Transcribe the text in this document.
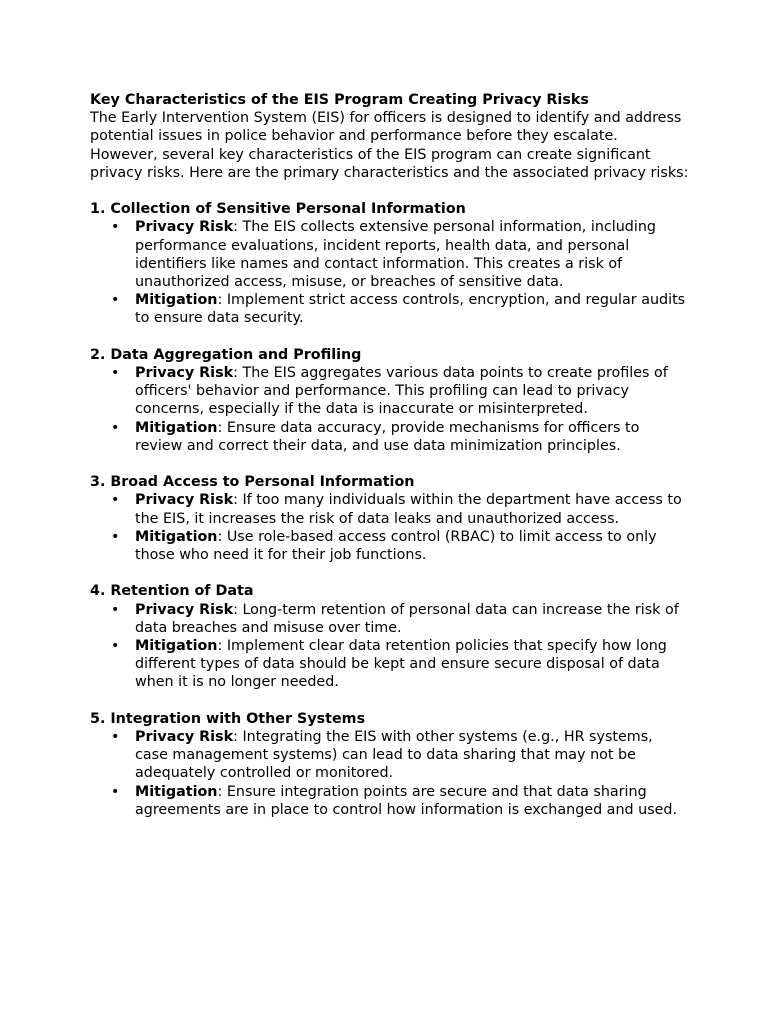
Key Characteristics of the EIS Program Creating Privacy Risks

The Early Intervention System (EIS) for officers is designed to identify and address potential issues in police behavior and performance before they escalate. However, several key characteristics of the EIS program can create significant privacy risks. Here are the primary characteristics and the associated privacy risks:

1. Collection of Sensitive Personal Information

• Privacy Risk: The EIS collects extensive personal information, including performance evaluations, incident reports, health data, and personal identifiers like names and contact information. This creates a risk of unauthorized access, misuse, or breaches of sensitive data.
• Mitigation: Implement strict access controls, encryption, and regular audits to ensure data security.

2. Data Aggregation and Profiling

• Privacy Risk: The EIS aggregates various data points to create profiles of officers' behavior and performance. This profiling can lead to privacy concerns, especially if the data is inaccurate or misinterpreted.
• Mitigation: Ensure data accuracy, provide mechanisms for officers to review and correct their data, and use data minimization principles.

3. Broad Access to Personal Information

• Privacy Risk: If too many individuals within the department have access to the EIS, it increases the risk of data leaks and unauthorized access.
• Mitigation: Use role-based access control (RBAC) to limit access to only those who need it for their job functions.

4. Retention of Data

• Privacy Risk: Long-term retention of personal data can increase the risk of data breaches and misuse over time.
• Mitigation: Implement clear data retention policies that specify how long different types of data should be kept and ensure secure disposal of data when it is no longer needed.

5. Integration with Other Systems

• Privacy Risk: Integrating the EIS with other systems (e.g., HR systems, case management systems) can lead to data sharing that may not be adequately controlled or monitored.
• Mitigation: Ensure integration points are secure and that data sharing agreements are in place to control how information is exchanged and used.
